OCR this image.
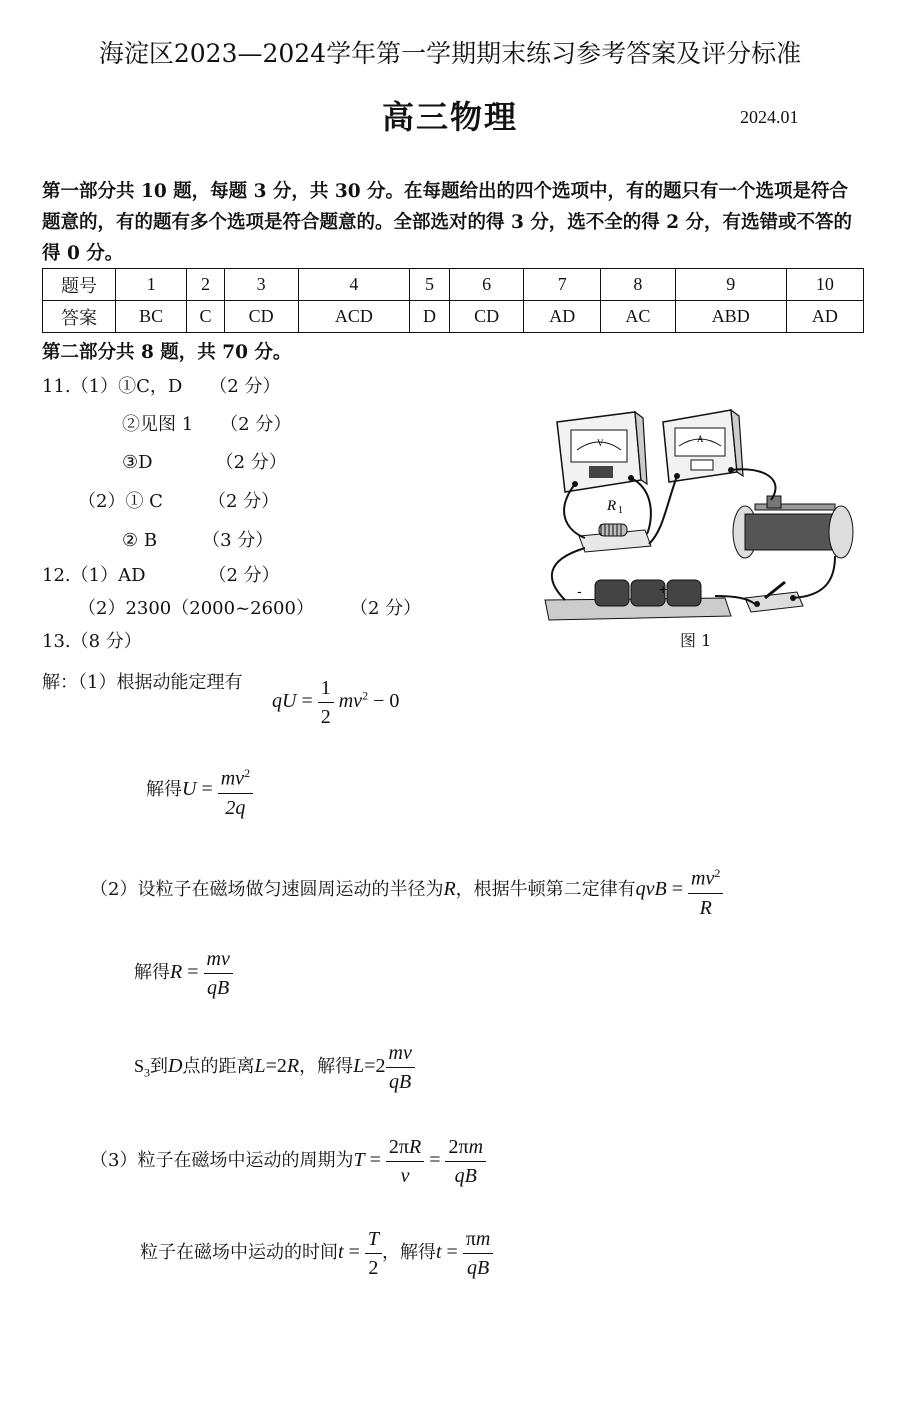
海淀区2023—2024学年第一学期期末练习参考答案及评分标准
高三物理	2024.01
第一部分共 10 题，每题 3 分，共 30 分。在每题给出的四个选项中，有的题只有一个选项是符合题意的，有的题有多个选项是符合题意的。全部选对的得 3 分，选不全的得 2 分，有选错或不答的得 0 分。
题号	1	2	3	4	5	6	7	8	9	10
答案	BC	C	CD	ACD	D	CD	AD	AC	ABD	AD
第二部分共 8 题，共 70 分。
11.（1）①C，D　　（2 分）
②见图 1　　（2 分）
③D　　　　（2 分）
（2）① C　　　（2 分）
② B　　　（3 分）
12.（1）AD　　　　（2 分）
（2）2300（2000~2600）　　　（2 分）
13.（8 分）
V	A
R 1
-	+
图 1
解：（1）根据动能定理有
qU = $\frac{1}{2} mv^2 - 0$
解得$U = \frac{mv^2}{2q}$
（2）设粒子在磁场做匀速圆周运动的半径为R，根据牛顿第二定律有qvB = $\frac{mv^2}{R}$
解得$R = \frac{mv}{qB}$
$S_3$到D点的距离L=2R，解得$L=2 \frac{mv}{qB}$
（3）粒子在磁场中运动的周期为$T = \frac{2\pi R}{v} = \frac{2\pi m}{qB}$
粒子在磁场中运动的时间$t = \frac{T}{2}$ ，解得$t = \frac{\pi m}{qB}$
